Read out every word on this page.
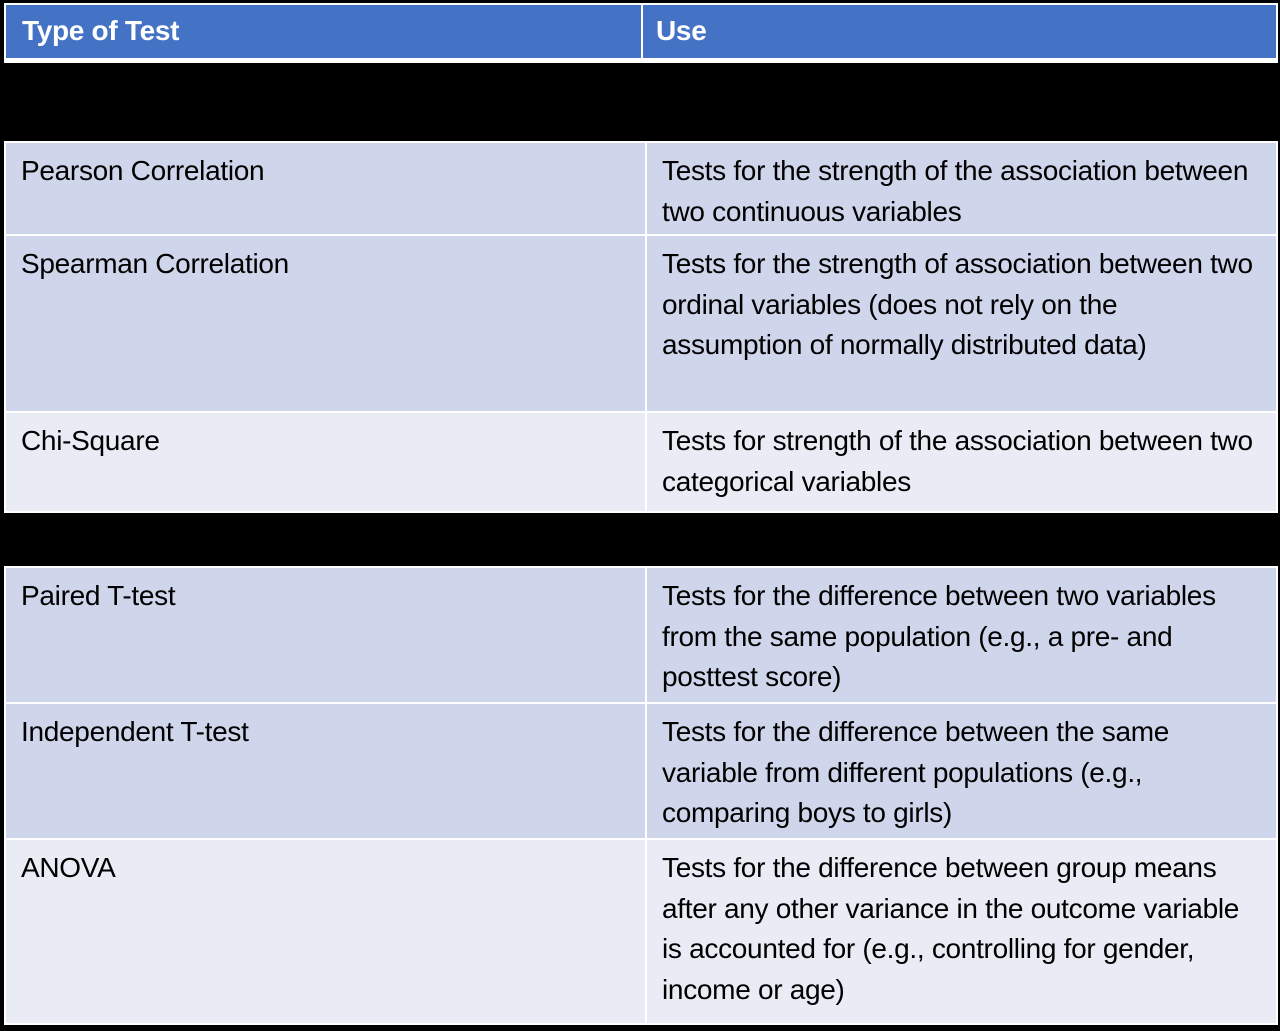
Type of Test	Use
Pearson Correlation	Tests for the strength of the association between two continuous variables
Spearman Correlation	Tests for the strength of association between two ordinal variables (does not rely on the assumption of normally distributed data)
Chi-Square	Tests for strength of the association between two categorical variables
Paired T-test	Tests for the difference between two variables from the same population (e.g., a pre- and posttest score)
Independent T-test	Tests for the difference between the same variable from different populations (e.g., comparing boys to girls)
ANOVA	Tests for the difference between group means after any other variance in the outcome variable is accounted for (e.g., controlling for gender, income or age)
